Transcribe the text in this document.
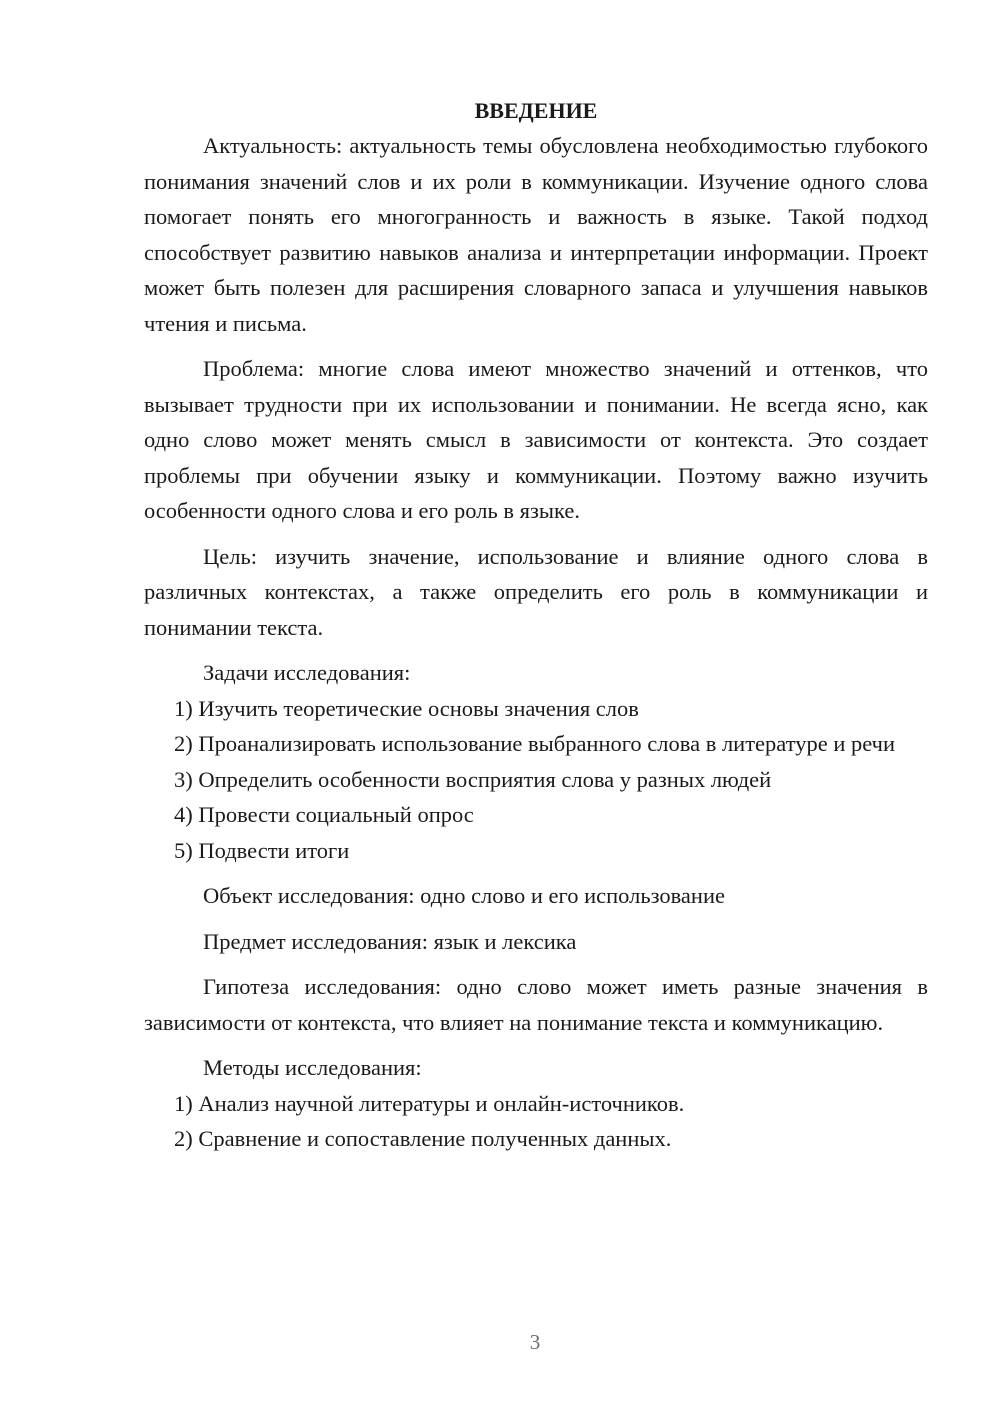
ВВЕДЕНИЕ

Актуальность: актуальность темы обусловлена необходимостью глубокого понимания значений слов и их роли в коммуникации. Изучение одного слова помогает понять его многогранность и важность в языке. Такой подход способствует развитию навыков анализа и интерпретации информации. Проект может быть полезен для расширения словарного запаса и улучшения навыков чтения и письма.

Проблема: многие слова имеют множество значений и оттенков, что вызывает трудности при их использовании и понимании. Не всегда ясно, как одно слово может менять смысл в зависимости от контекста. Это создает проблемы при обучении языку и коммуникации. Поэтому важно изучить особенности одного слова и его роль в языке.

Цель: изучить значение, использование и влияние одного слова в различных контекстах, а также определить его роль в коммуникации и понимании текста.

Задачи исследования:

1) Изучить теоретические основы значения слов

2) Проанализировать использование выбранного слова в литературе и речи

3) Определить особенности восприятия слова у разных людей

4) Провести социальный опрос

5) Подвести итоги

Объект исследования: одно слово и его использование

Предмет исследования: язык и лексика

Гипотеза исследования: одно слово может иметь разные значения в зависимости от контекста, что влияет на понимание текста и коммуникацию.

Методы исследования:

1) Анализ научной литературы и онлайн-источников.

2) Сравнение и сопоставление полученных данных.

3
